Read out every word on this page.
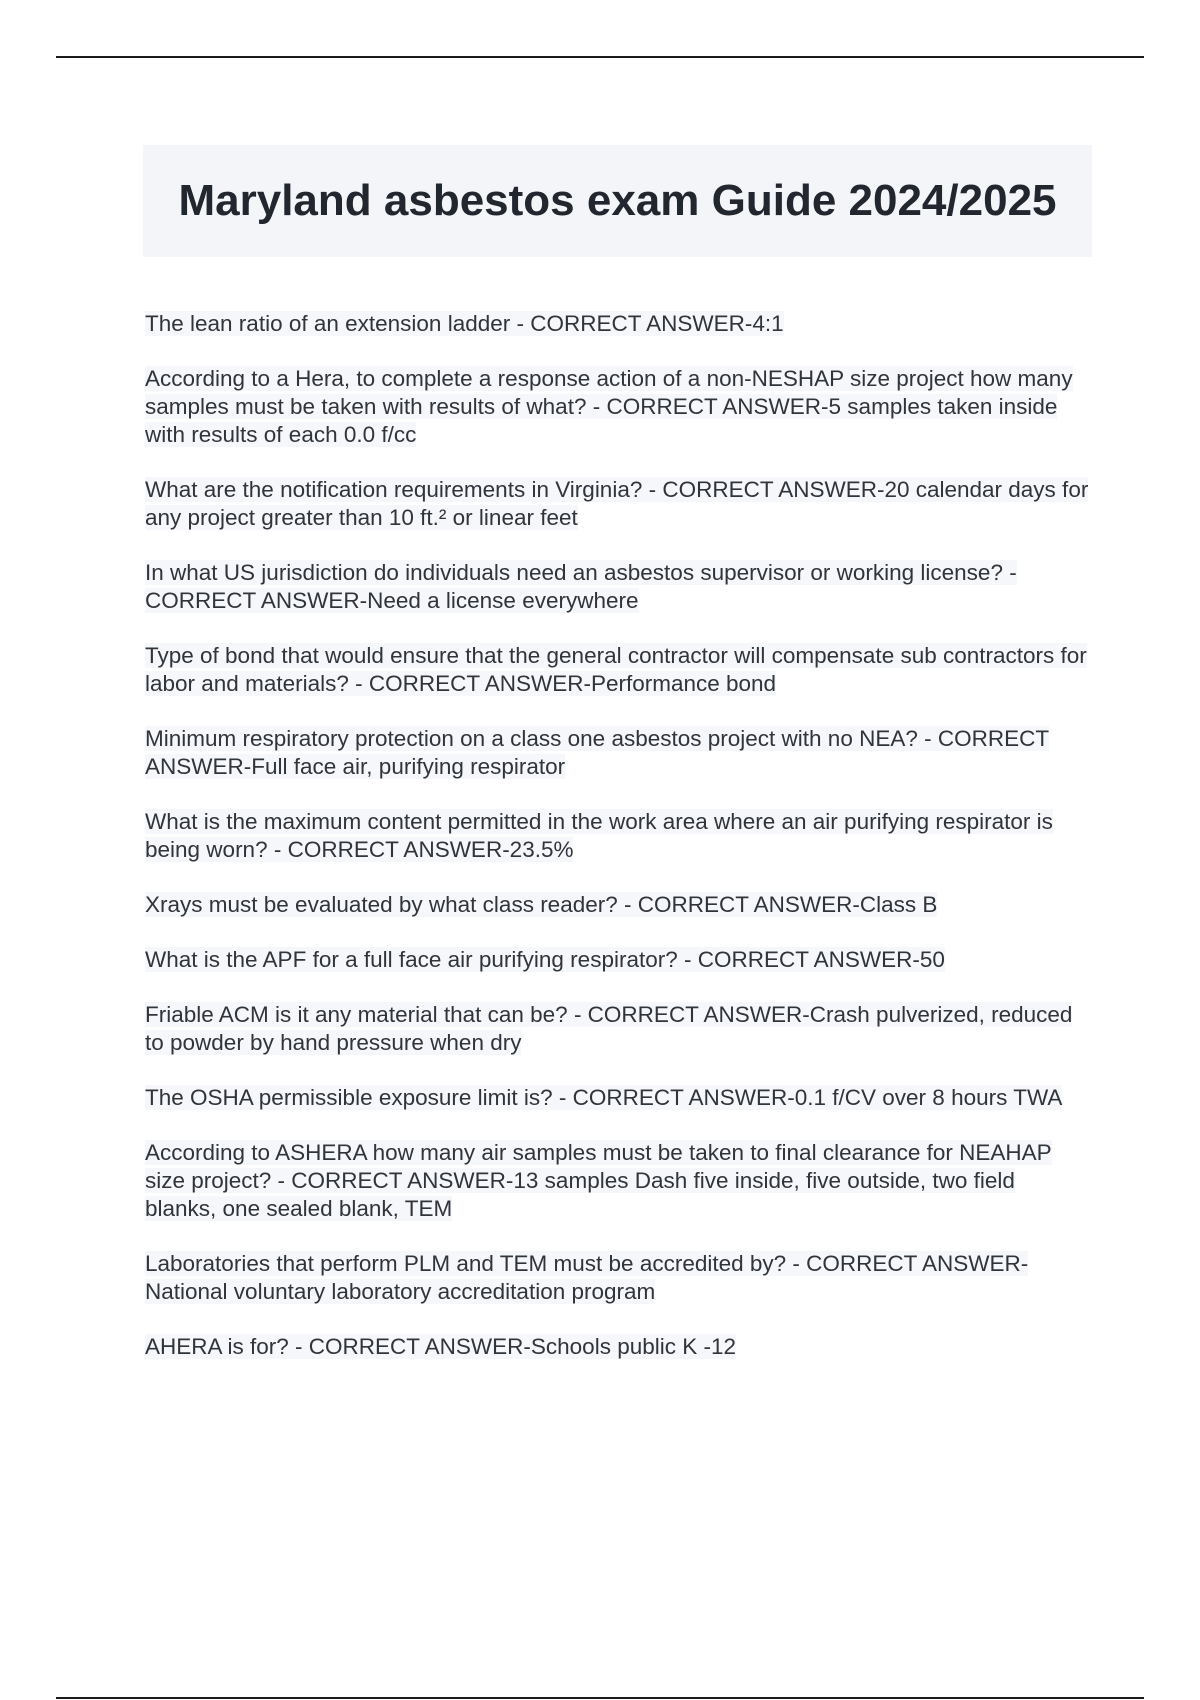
Maryland asbestos exam Guide 2024/2025
The lean ratio of an extension ladder - CORRECT ANSWER-4:1
According to a Hera, to complete a response action of a non-NESHAP size project how many samples must be taken with results of what? - CORRECT ANSWER-5 samples taken inside with results of each 0.0 f/cc
What are the notification requirements in Virginia? - CORRECT ANSWER-20 calendar days for any project greater than 10 ft.² or linear feet
In what US jurisdiction do individuals need an asbestos supervisor or working license? - CORRECT ANSWER-Need a license everywhere
Type of bond that would ensure that the general contractor will compensate sub contractors for labor and materials? - CORRECT ANSWER-Performance bond
Minimum respiratory protection on a class one asbestos project with no NEA? - CORRECT ANSWER-Full face air, purifying respirator
What is the maximum content permitted in the work area where an air purifying respirator is being worn? - CORRECT ANSWER-23.5%
Xrays must be evaluated by what class reader? - CORRECT ANSWER-Class B
What is the APF for a full face air purifying respirator? - CORRECT ANSWER-50
Friable ACM is it any material that can be? - CORRECT ANSWER-Crash pulverized, reduced to powder by hand pressure when dry
The OSHA permissible exposure limit is? - CORRECT ANSWER-0.1 f/CV over 8 hours TWA
According to ASHERA how many air samples must be taken to final clearance for NEAHAP size project? - CORRECT ANSWER-13 samples Dash five inside, five outside, two field blanks, one sealed blank, TEM
Laboratories that perform PLM and TEM must be accredited by? - CORRECT ANSWER-National voluntary laboratory accreditation program
AHERA is for? - CORRECT ANSWER-Schools public K -12
